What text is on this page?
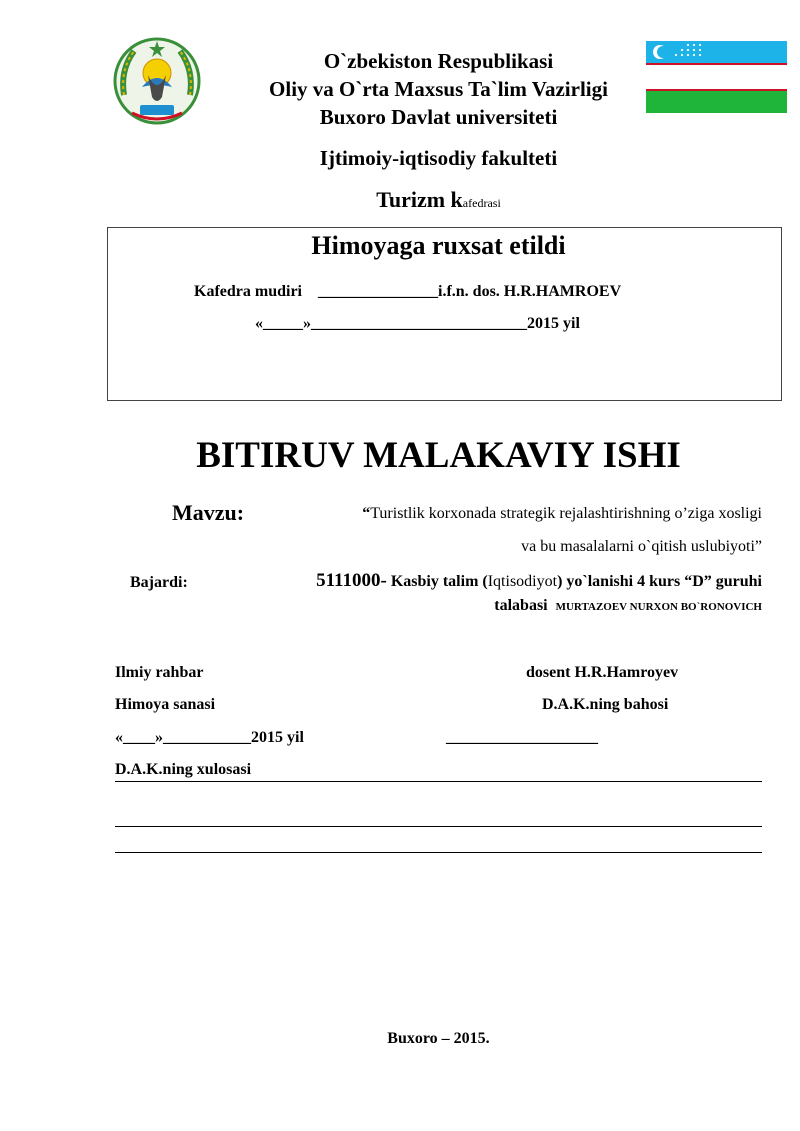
O`zbekiston Respublikasi
Oliy va O`rta Maxsus Ta`lim Vazirligi
Buxoro Davlat universiteti
Ijtimoiy-iqtisodiy fakulteti
Turizm kafedrasi
Himoyaga ruxsat etildi
Kafedra mudiri _______________i.f.n. dos. H.R.HAMROEV
«_____»___________________________2015 yil
BITIRUV MALAKAVIY ISHI
Mavzu:	“Turistlik korxonada strategik rejalashtirishning o’ziga xosligi
va bu masalalarni o`qitish uslubiyoti”
Bajardi:	5111000- Kasbiy talim (Iqtisodiyot) yo`lanishi 4 kurs “D” guruhi
talabasi MURTAZOEV NURXON BO`RONOVICH
Ilmiy rahbar	dosent H.R.Hamroyev
Himoya sanasi	D.A.K.ning bahosi
«____»___________2015 yil	___________________
D.A.K.ning xulosasi
Buxoro – 2015.
